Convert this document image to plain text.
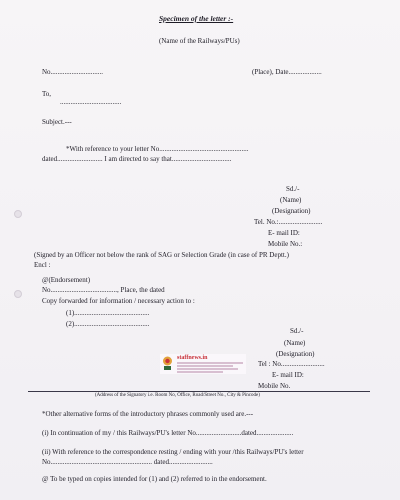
Specimen of the letter :-
(Name of the Railways/PUs)
No..............................	(Place), Date...................
To,
...................................
Subject.---
*With reference to your letter No...................................................
dated.......................... I am directed to say that..................................
Sd./-
(Name)
(Designation)
Tel. No.:.........................
E- mail ID:
Mobile No.:
(Signed by an Officer not below the rank of SAG or Selection Grade (in case of PR Deptt.)
Encl :
@(Endorsement)
No......................................, Place, the dated
Copy forwarded for information / necessary action to :
(1)...........................................
(2)...........................................
Sd./-
(Name)
(Designation)
Tel : No.........................
E- mail ID:
Mobile No.
staffnews.in
(Address of the Signatory i.e. Room No, Office, Road/Street No., City & Pincode)
*Other alternative forms of the introductory phrases commonly used are.---
(i) In continuation of my / this Railways/PU's letter No..........................dated.....................
(ii) With reference to the correspondence resting / ending with your /this Railways/PU's letter
No.......................................................... dated.........................
@ To be typed on copies intended for (1) and (2) referred to in the endorsement.
